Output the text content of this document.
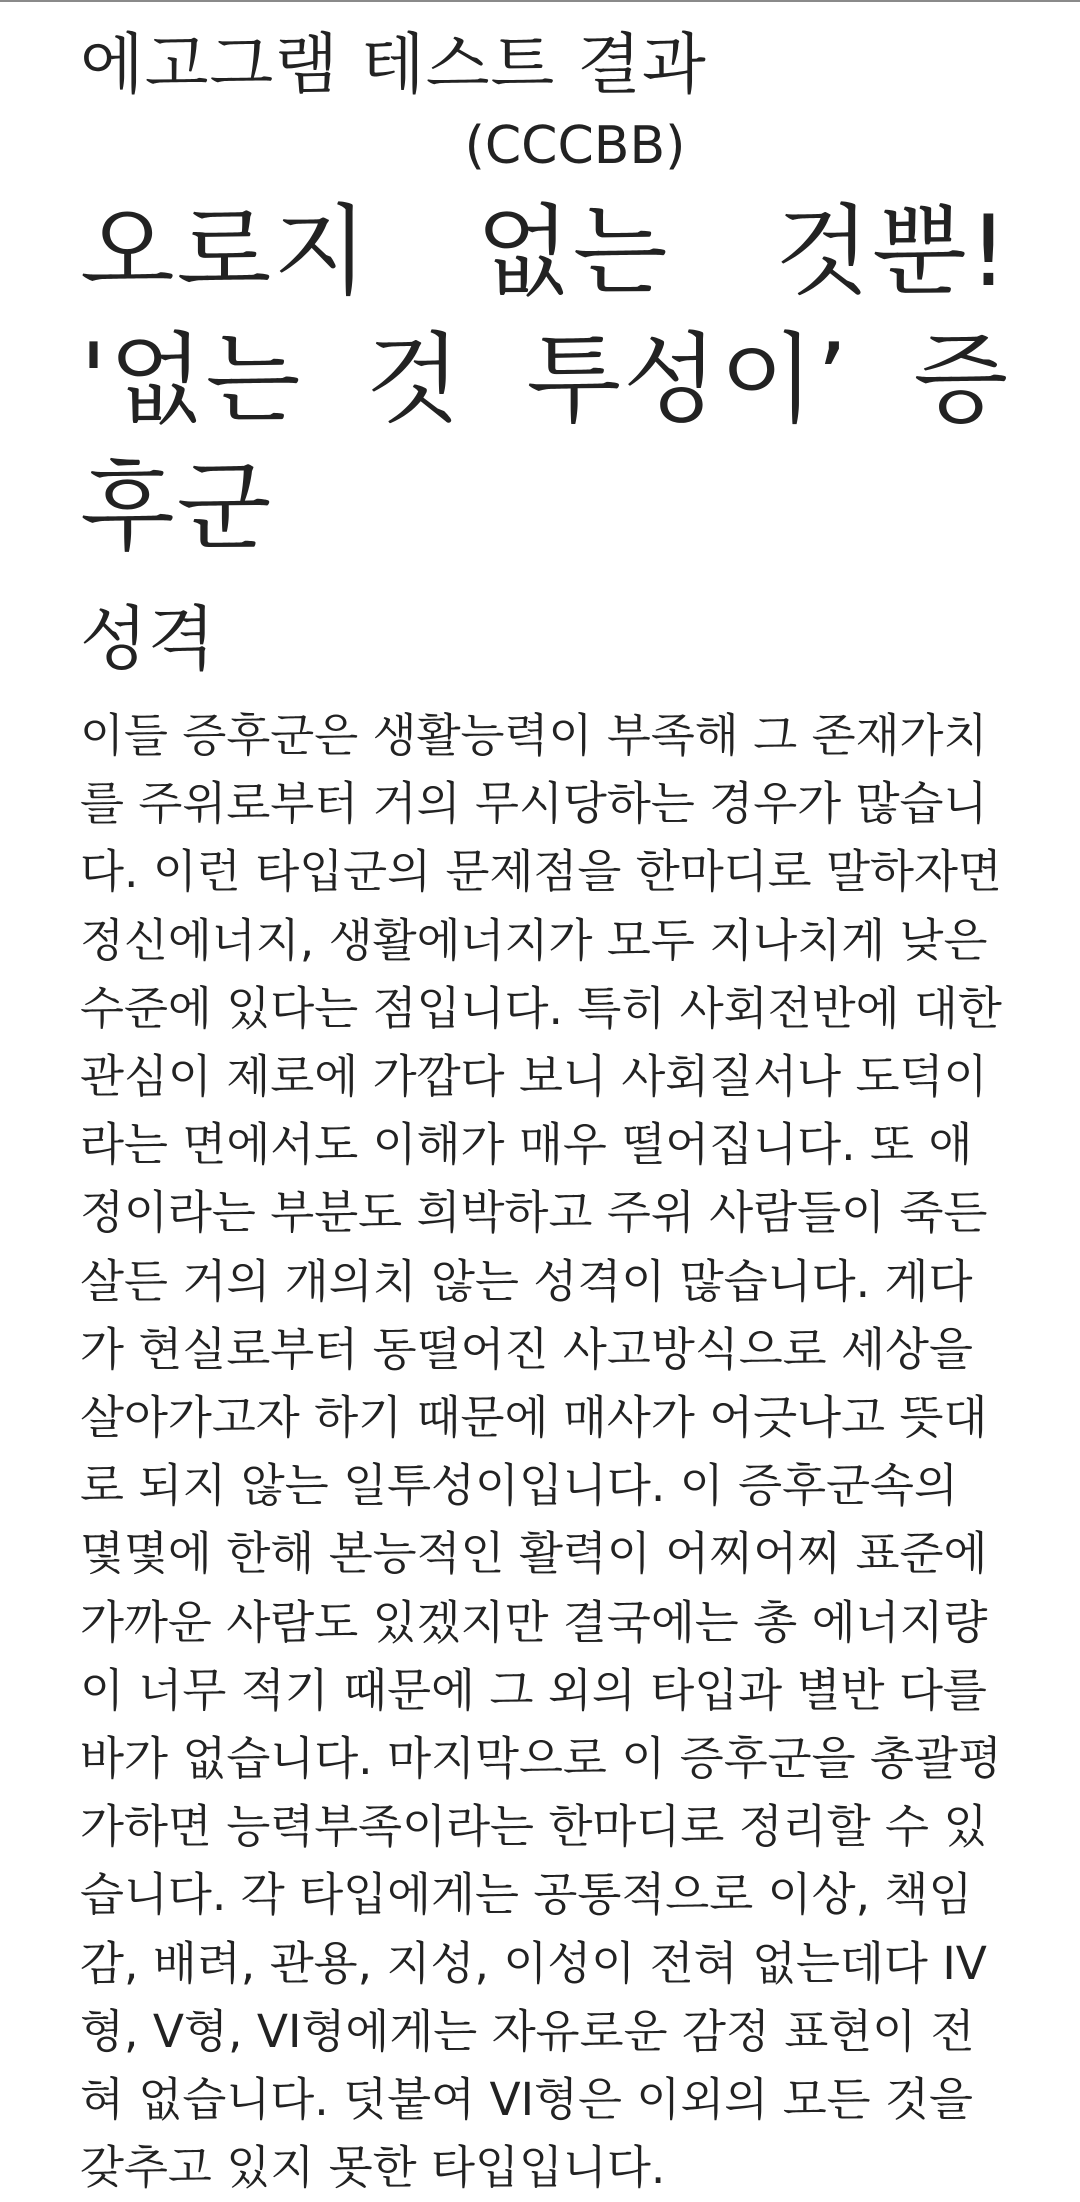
에고그램 테스트 결과
(CCCBB)
오로지 없는 것뿐! '없는 것 투성이’ 증후군
성격

이들 증후군은 생활능력이 부족해 그 존재가치를 주위로부터 거의 무시당하는 경우가 많습니다. 이런 타입군의 문제점을 한마디로 말하자면 정신에너지, 생활에너지가 모두 지나치게 낮은 수준에 있다는 점입니다. 특히 사회전반에 대한 관심이 제로에 가깝다 보니 사회질서나 도덕이라는 면에서도 이해가 매우 떨어집니다. 또 애정이라는 부분도 희박하고 주위 사람들이 죽든 살든 거의 개의치 않는 성격이 많습니다. 게다가 현실로부터 동떨어진 사고방식으로 세상을 살아가고자 하기 때문에 매사가 어긋나고 뜻대로 되지 않는 일투성이입니다. 이 증후군속의 몇몇에 한해 본능적인 활력이 어찌어찌 표준에 가까운 사람도 있겠지만 결국에는 총 에너지량이 너무 적기 때문에 그 외의 타입과 별반 다를 바가 없습니다. 마지막으로 이 증후군을 총괄평가하면 능력부족이라는 한마디로 정리할 수 있습니다. 각 타입에게는 공통적으로 이상, 책임감, 배려, 관용, 지성, 이성이 전혀 없는데다 IV형, V형, VI형에게는 자유로운 감정 표현이 전혀 없습니다. 덧붙여 VI형은 이외의 모든 것을 갖추고 있지 못한 타입입니다.
